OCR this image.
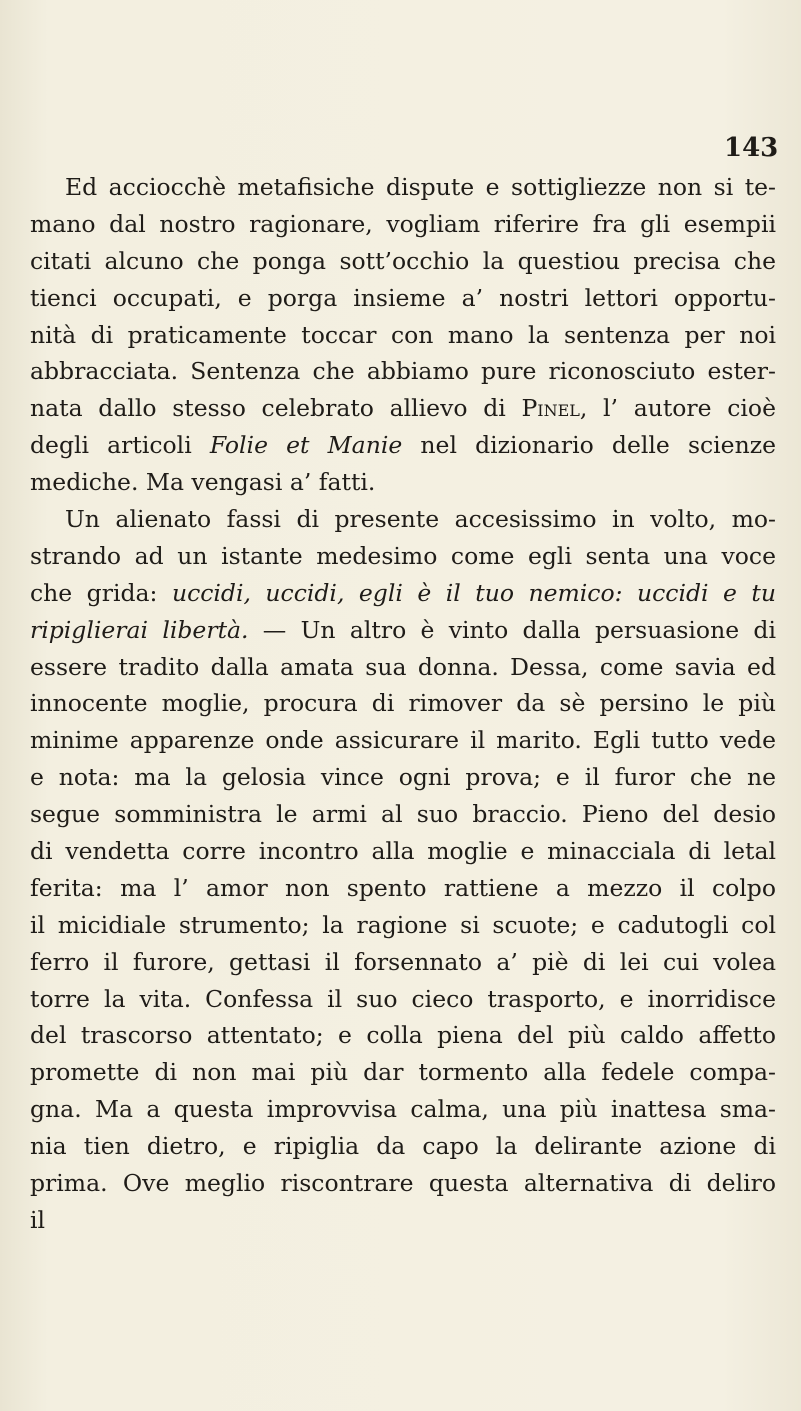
143
Ed acciocchè metafisiche dispute e sottigliezze non si te-
mano dal nostro ragionare, vogliam riferire fra gli esempii
citati alcuno che ponga sott’occhio la questiou precisa che
tienci occupati, e porga insieme a’ nostri lettori opportu-
nità di praticamente toccar con mano la sentenza per noi
abbracciata. Sentenza che abbiamo pure riconosciuto ester-
nata dallo stesso celebrato allievo di Pinel, l’ autore cioè
degli articoli Folie et Manie nel dizionario delle scienze
mediche. Ma vengasi a’ fatti.
Un alienato fassi di presente accesissimo in volto, mo-
strando ad un istante medesimo come egli senta una voce
che grida: uccidi, uccidi, egli è il tuo nemico: uccidi e tu
ripiglierai libertà. — Un altro è vinto dalla persuasione di
essere tradito dalla amata sua donna. Dessa, come savia ed
innocente moglie, procura di rimover da sè persino le più
minime apparenze onde assicurare il marito. Egli tutto vede
e nota: ma la gelosia vince ogni prova; e il furor che ne
segue somministra le armi al suo braccio. Pieno del desio
di vendetta corre incontro alla moglie e minacciala di letal
ferita: ma l’ amor non spento rattiene a mezzo il colpo
il micidiale strumento; la ragione si scuote; e cadutogli col
ferro il furore, gettasi il forsennato a’ piè di lei cui volea
torre la vita. Confessa il suo cieco trasporto, e inorridisce
del trascorso attentato; e colla piena del più caldo affetto
promette di non mai più dar tormento alla fedele compa-
gna. Ma a questa improvvisa calma, una più inattesa sma-
nia tien dietro, e ripiglia da capo la delirante azione di
prima. Ove meglio riscontrare questa alternativa di deliro
il
